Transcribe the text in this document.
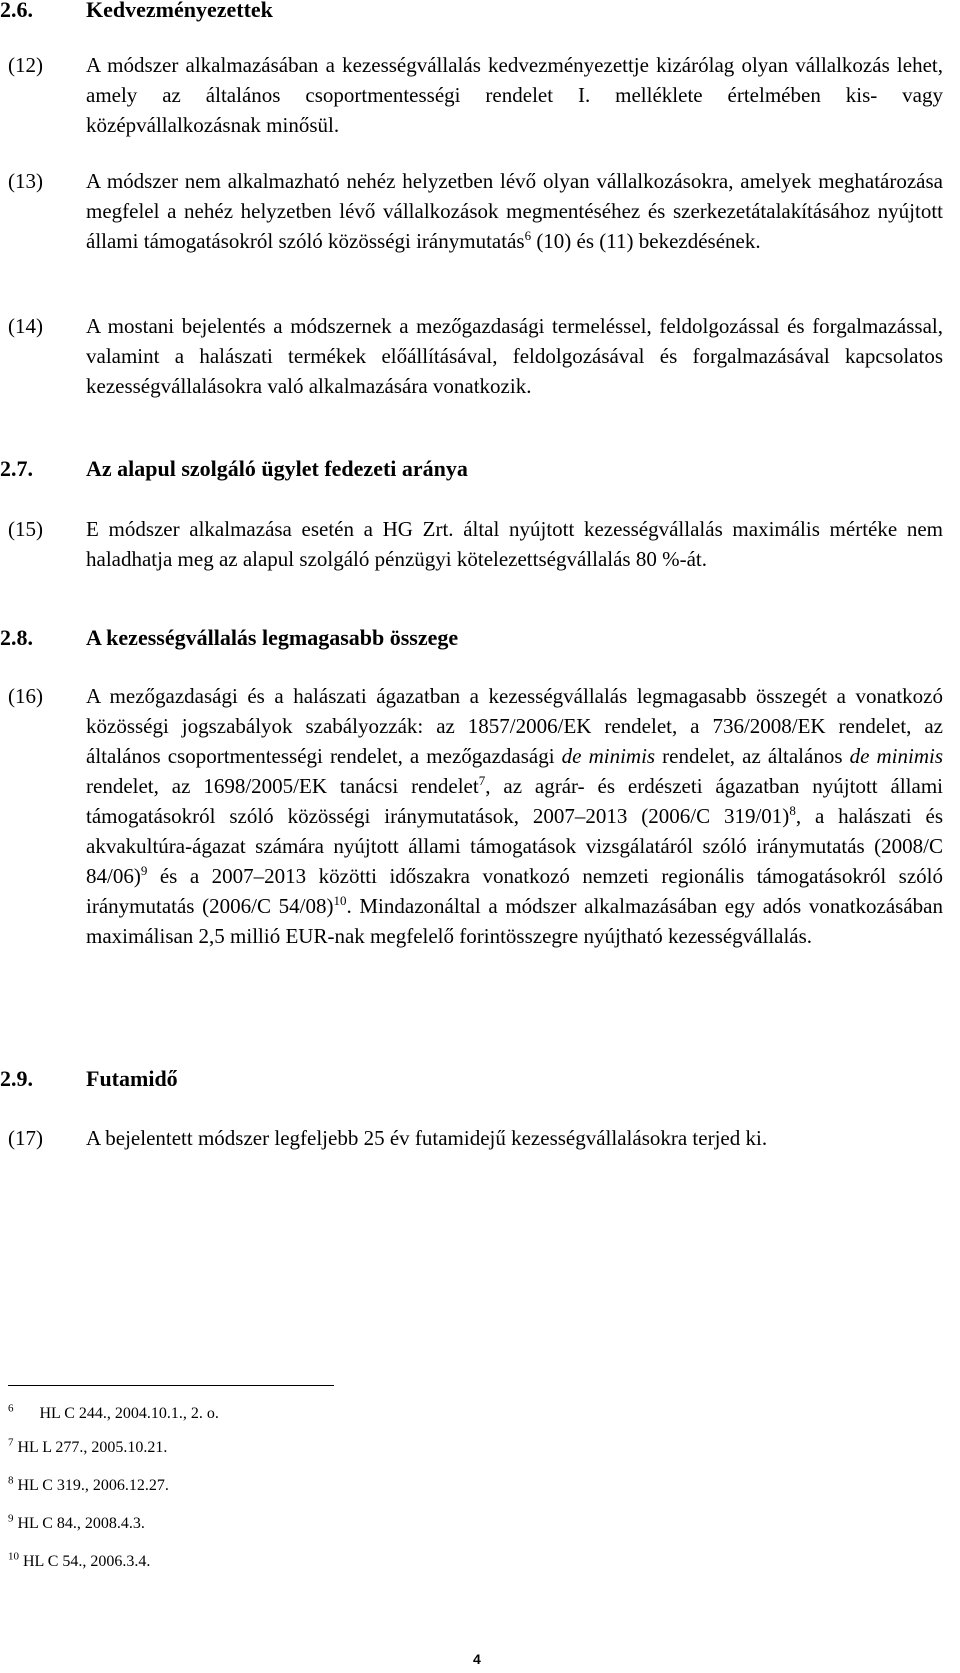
2.6. Kedvezményezettek
(12) A módszer alkalmazásában a kezességvállalás kedvezményezettje kizárólag olyan vállalkozás lehet, amely az általános csoportmentességi rendelet I. melléklete értelmében kis- vagy középvállalkozásnak minősül.
(13) A módszer nem alkalmazható nehéz helyzetben lévő olyan vállalkozásokra, amelyek meghatározása megfelel a nehéz helyzetben lévő vállalkozások megmentéséhez és szerkezetátalakításához nyújtott állami támogatásokról szóló közösségi iránymutatás$^6$ (10) és (11) bekezdésének.
(14) A mostani bejelentés a módszernek a mezőgazdasági termeléssel, feldolgozással és forgalmazással, valamint a halászati termékek előállításával, feldolgozásával és forgalmazásával kapcsolatos kezességvállalásokra való alkalmazására vonatkozik.
2.7. Az alapul szolgáló ügylet fedezeti aránya
(15) E módszer alkalmazása esetén a HG Zrt. által nyújtott kezességvállalás maximális mértéke nem haladhatja meg az alapul szolgáló pénzügyi kötelezettségvállalás 80 %-át.
2.8. A kezességvállalás legmagasabb összege
(16) A mezőgazdasági és a halászati ágazatban a kezességvállalás legmagasabb összegét a vonatkozó közösségi jogszabályok szabályozzák: az 1857/2006/EK rendelet, a 736/2008/EK rendelet, az általános csoportmentességi rendelet, a mezőgazdasági de minimis rendelet, az általános de minimis rendelet, az 1698/2005/EK tanácsi rendelet$^7$, az agrár- és erdészeti ágazatban nyújtott állami támogatásokról szóló közösségi iránymutatások, 2007–2013 (2006/C 319/01)$^8$, a halászati és akvakultúra-ágazat számára nyújtott állami támogatások vizsgálatáról szóló iránymutatás (2008/C 84/06)$^9$ és a 2007–2013 közötti időszakra vonatkozó nemzeti regionális támogatásokról szóló iránymutatás (2006/C 54/08)$^{10}$. Mindazonáltal a módszer alkalmazásában egy adós vonatkozásában maximálisan 2,5 millió EUR-nak megfelelő forintösszegre nyújtható kezességvállalás.
2.9. Futamidő
(17) A bejelentett módszer legfeljebb 25 év futamidejű kezességvállalásokra terjed ki.
$^6$ HL C 244., 2004.10.1., 2. o.
$^7$ HL L 277., 2005.10.21.
$^8$ HL C 319., 2006.12.27.
$^9$ HL C 84., 2008.4.3.
$^{10}$ HL C 54., 2006.3.4.
4
